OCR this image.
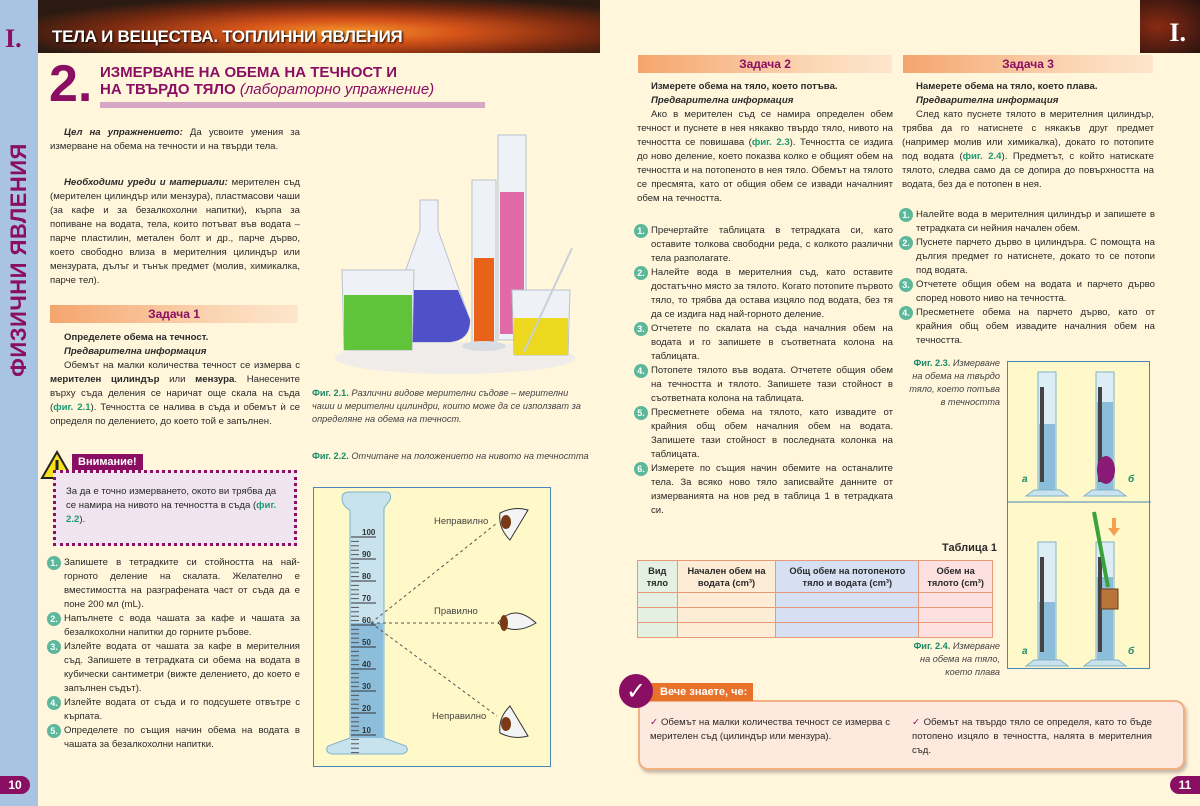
I.
ФИЗИЧНИ ЯВЛЕНИЯ
ТЕЛА И ВЕЩЕСТВА. ТОПЛИННИ ЯВЛЕНИЯ
2. ИЗМЕРВАНЕ НА ОБЕМА НА ТЕЧНОСТ И
НА ТВЪРДО ТЯЛО (лабораторно упражнение)
Цел на упражнението: Да усвоите умения за измерване на обема на течности и на твърди тела.
Необходими уреди и материали: мерителен съд (мерителен цилиндър или мензура), пластмасови чаши (за кафе и за безалкохолни напитки), кърпа за попиване на водата, тела, които потъват във водата – парче пластилин, метален болт и др., парче дърво, което свободно влиза в мерителния цилиндър или мензурата, дълъг и тънък предмет (молив, химикалка, парче тел).
Задача 1
Определете обема на течност.
Предварителна информация
Обемът на малки количества течност се измерва с мерителен цилиндър или мензура. Нанесените върху съда деления се наричат още скала на съда (фиг. 2.1). Течността се налива в съда и обемът ѝ се определя по делението, до което той е запълнен.
Внимание!
За да е точно измерването, окото ви трябва да се намира на нивото на течността в съда (фиг. 2.2).
1. Запишете в тетрадките си стойността на най-горното деление на скалата. Желателно е вместимостта на разграфената част от съда да е поне 200 мл (mL).
2. Напълнете с вода чашата за кафе и чашата за безалкохолни напитки до горните ръбове.
3. Излейте водата от чашата за кафе в мерителния съд. Запишете в тетрадката си обема на водата в кубически сантиметри (вижте делението, до което е запълнен съдът).
4. Излейте водата от съда и го подсушете отвътре с кърпата.
5. Определете по същия начин обема на водата в чашата за безалкохолни напитки.
Фиг. 2.1. Различни видове мерителни съдове – мерителни чаши и мерителни цилиндри, които може да се използват за определяне на обема на течност.
Фиг. 2.2. Отчитане на положението на нивото на течността
100
90
80
70
60
50
40
30
20
10
Неправилно
Правилно
Неправилно
10
I.
Задача 2
Измерете обема на тяло, което потъва.
Предварителна информация
Ако в мерителен съд се намира определен обем течност и пуснете в нея някакво твърдо тяло, нивото на течността се повишава (фиг. 2.3). Течността се издига до ново деление, което показва колко е общият обем на течността и на потопеното в нея тяло. Обемът на тялото се пресмята, като от общия обем се извади началният обем на течността.
1. Пречертайте таблицата в тетрадката си, като оставите толкова свободни реда, с колкото различни тела разполагате.
2. Налейте вода в мерителния съд, като оставите достатъчно място за тялото. Когато потопите първото тяло, то трябва да остава изцяло под водата, без тя да се издига над най-горното деление.
3. Отчетете по скалата на съда началния обем на водата и го запишете в съответната колона на таблицата.
4. Потопете тялото във водата. Отчетете общия обем на течността и тялото. Запишете тази стойност в съответната колона на таблицата.
5. Пресметнете обема на тялото, като извадите от крайния общ обем началния обем на водата. Запишете тази стойност в последната колонка на таблицата.
6. Измерете по същия начин обемите на останалите тела. За всяко ново тяло записвайте данните от измерванията на нов ред в таблица 1 в тетрадката си.
Таблица 1
Вид тяло	Начален обем на водата (cm³)	Общ обем на потопеното тяло и водата (cm³)	Обем на тялото (cm³)

Задача 3
Намерете обема на тяло, което плава.
Предварителна информация
След като пуснете тялото в мерителния цилиндър, трябва да го натиснете с някакъв друг предмет (например молив или химикалка), докато го потопите под водата (фиг. 2.4). Предметът, с който натискате тялото, следва само да се допира до повърхността на водата, без да е потопен в нея.
1. Налейте вода в мерителния цилиндър и запишете в тетрадката си нейния начален обем.
2. Пуснете парчето дърво в цилиндъра. С помощта на дългия предмет го натиснете, докато то се потопи под водата.
3. Отчетете общия обем на водата и парчето дърво според новото ниво на течността.
4. Пресметнете обема на парчето дърво, като от крайния общ обем извадите началния обем на течността.
Фиг. 2.3. Измерване на обема на твърдо тяло, което потъва в течността
Фиг. 2.4. Измерване на обема на тяло, което плава
а	б
а	б
✓ Обемът на малки количества течност се измерва с мерителен съд (цилиндър или мензура).
✓ Обемът на твърдо тяло се определя, като то бъде потопено изцяло в течността, налята в мерителния съд.
Вече знаете, че:
✓
11
